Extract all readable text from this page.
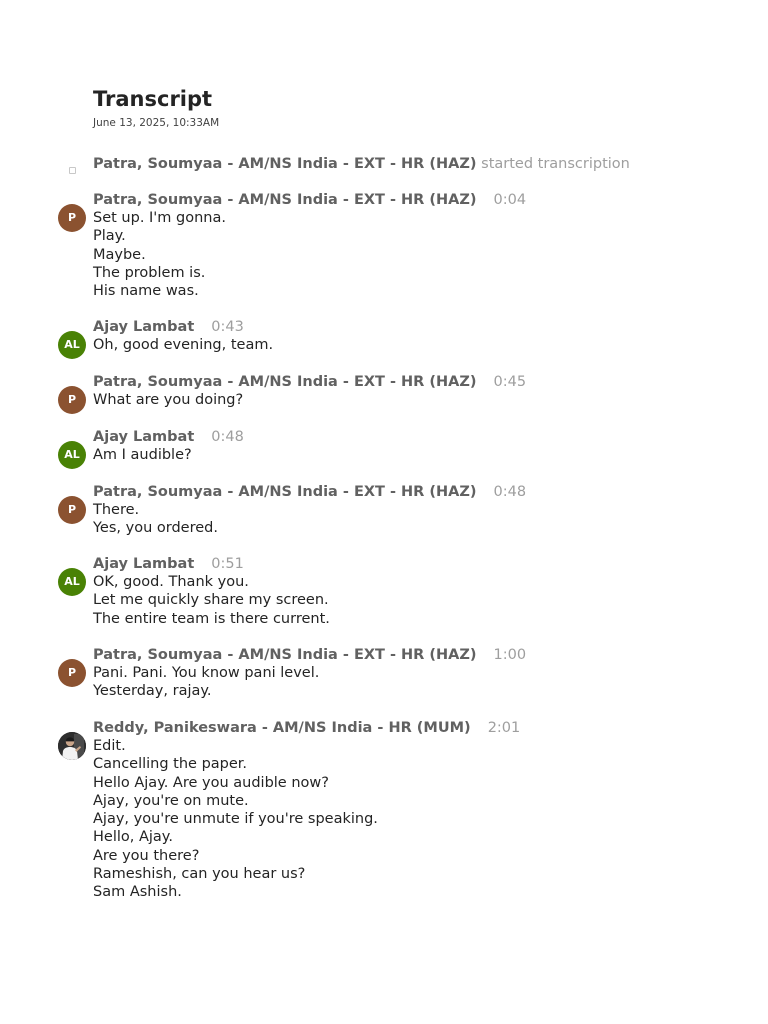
Transcript
June 13, 2025, 10:33AM
Patra, Soumyaa - AM/NS India - EXT - HR (HAZ) started transcription
P
Patra, Soumyaa - AM/NS India - EXT - HR (HAZ) 0:04
Set up. I'm gonna.
Play.
Maybe.
The problem is.
His name was.
AL
Ajay Lambat 0:43
Oh, good evening, team.
P
Patra, Soumyaa - AM/NS India - EXT - HR (HAZ) 0:45
What are you doing?
AL
Ajay Lambat 0:48
Am I audible?
P
Patra, Soumyaa - AM/NS India - EXT - HR (HAZ) 0:48
There.
Yes, you ordered.
AL
Ajay Lambat 0:51
OK, good. Thank you.
Let me quickly share my screen.
The entire team is there current.
P
Patra, Soumyaa - AM/NS India - EXT - HR (HAZ) 1:00
Pani. Pani. You know pani level.
Yesterday, rajay.
Reddy, Panikeswara - AM/NS India - HR (MUM) 2:01
Edit.
Cancelling the paper.
Hello Ajay. Are you audible now?
Ajay, you're on mute.
Ajay, you're unmute if you're speaking.
Hello, Ajay.
Are you there?
Rameshish, can you hear us?
Sam Ashish.
